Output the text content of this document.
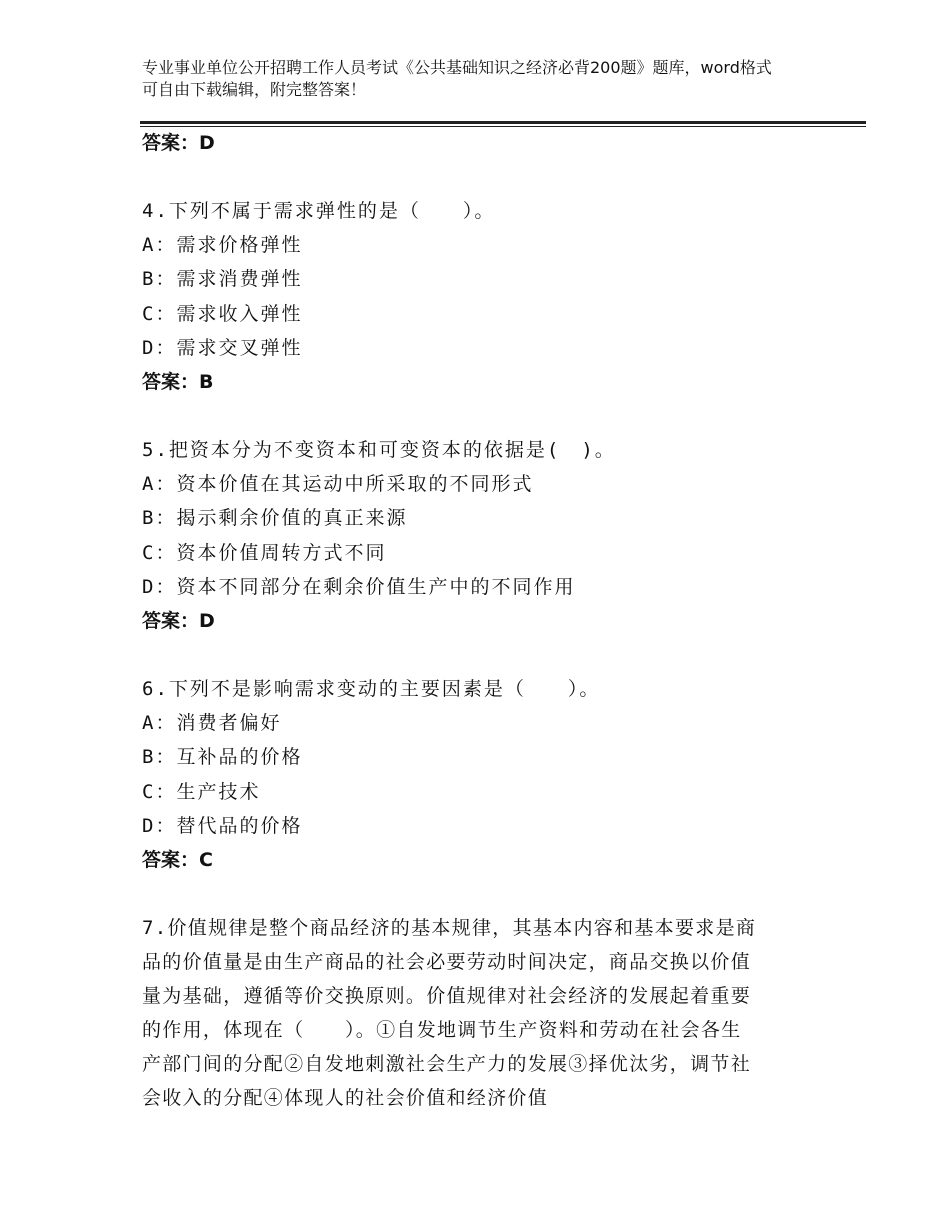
专业事业单位公开招聘工作人员考试《公共基础知识之经济必背200题》题库，word格式可自由下载编辑，附完整答案！
答案：D
4.下列不属于需求弹性的是（　　）。
A：需求价格弹性
B：需求消费弹性
C：需求收入弹性
D：需求交叉弹性
答案：B
5.把资本分为不变资本和可变资本的依据是(　)。
A：资本价值在其运动中所采取的不同形式
B：揭示剩余价值的真正来源
C：资本价值周转方式不同
D：资本不同部分在剩余价值生产中的不同作用
答案：D
6.下列不是影响需求变动的主要因素是（　　）。
A：消费者偏好
B：互补品的价格
C：生产技术
D：替代品的价格
答案：C
7.价值规律是整个商品经济的基本规律，其基本内容和基本要求是商
品的价值量是由生产商品的社会必要劳动时间决定，商品交换以价值
量为基础，遵循等价交换原则。价值规律对社会经济的发展起着重要
的作用，体现在（　　）。①自发地调节生产资料和劳动在社会各生
产部门间的分配②自发地刺激社会生产力的发展③择优汰劣，调节社
会收入的分配④体现人的社会价值和经济价值
